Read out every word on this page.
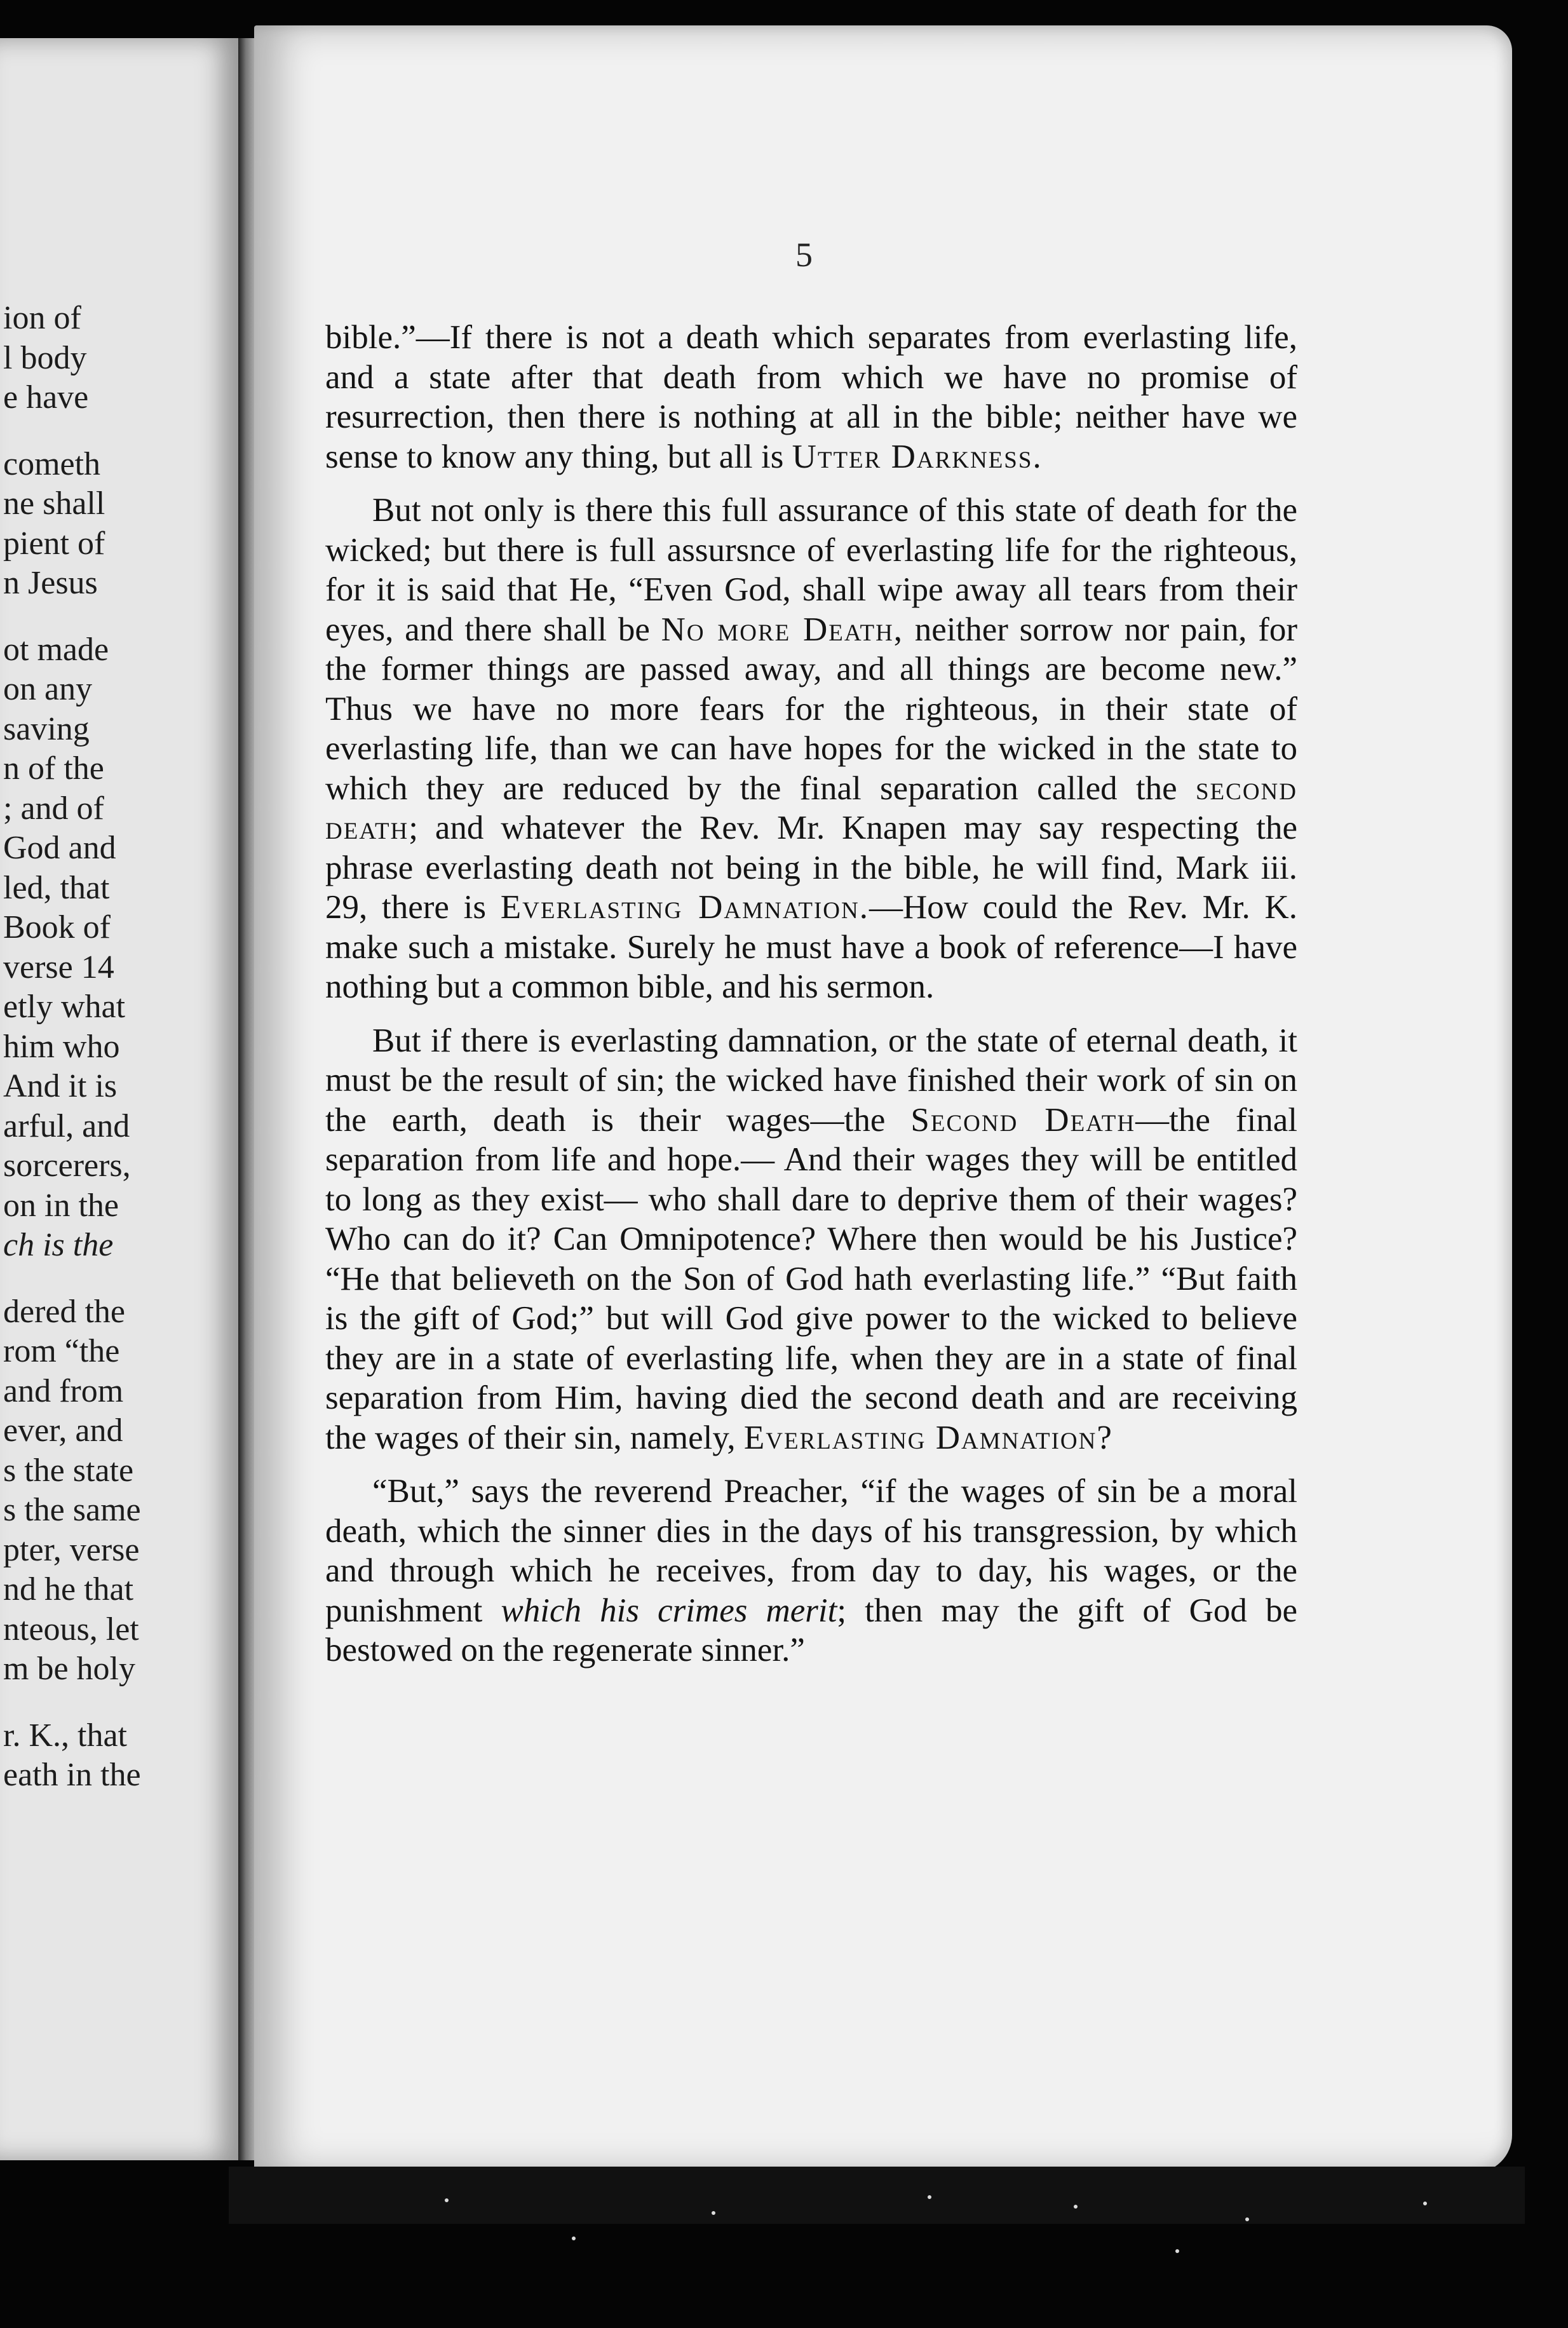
ion of
l body
e have
cometh
ne shall
pient of
n Jesus
ot made
on any
saving
n of the
; and of
God and
led, that
Book of
verse 14
etly what
him who
And it is
arful, and
sorcerers,
on in the
ch is the
dered the
rom “the
and from
ever, and
s the state
s the same
pter, verse
nd he that
nteous, let
m be holy
r. K., that
eath in the
5

bible.”—If there is not a death which separates from everlasting life, and a state after that death from which we have no promise of resurrection, then there is nothing at all in the bible; neither have we sense to know any thing, but all is Utter Darkness.

But not only is there this full assurance of this state of death for the wicked; but there is full assursnce of everlasting life for the righteous, for it is said that He, “Even God, shall wipe away all tears from their eyes, and there shall be No more Death, neither sorrow nor pain, for the former things are passed away, and all things are become new.” Thus we have no more fears for the righteous, in their state of everlasting life, than we can have hopes for the wicked in the state to which they are reduced by the final separation called the second death; and whatever the Rev. Mr. Knapen may say respecting the phrase everlasting death not being in the bible, he will find, Mark iii. 29, there is Everlasting Damnation.—How could the Rev. Mr. K. make such a mistake. Surely he must have a book of reference—I have nothing but a common bible, and his sermon.

But if there is everlasting damnation, or the state of eternal death, it must be the result of sin; the wicked have finished their work of sin on the earth, death is their wages—the Second Death—the final separation from life and hope.— And their wages they will be entitled to long as they exist— who shall dare to deprive them of their wages? Who can do it? Can Omnipotence? Where then would be his Justice? “He that believeth on the Son of God hath everlasting life.” “But faith is the gift of God;” but will God give power to the wicked to believe they are in a state of everlasting life, when they are in a state of final separation from Him, having died the second death and are receiving the wages of their sin, namely, Everlasting Damnation?

“But,” says the reverend Preacher, “if the wages of sin be a moral death, which the sinner dies in the days of his transgression, by which and through which he receives, from day to day, his wages, or the punishment which his crimes merit; then may the gift of God be bestowed on the regenerate sinner.”
